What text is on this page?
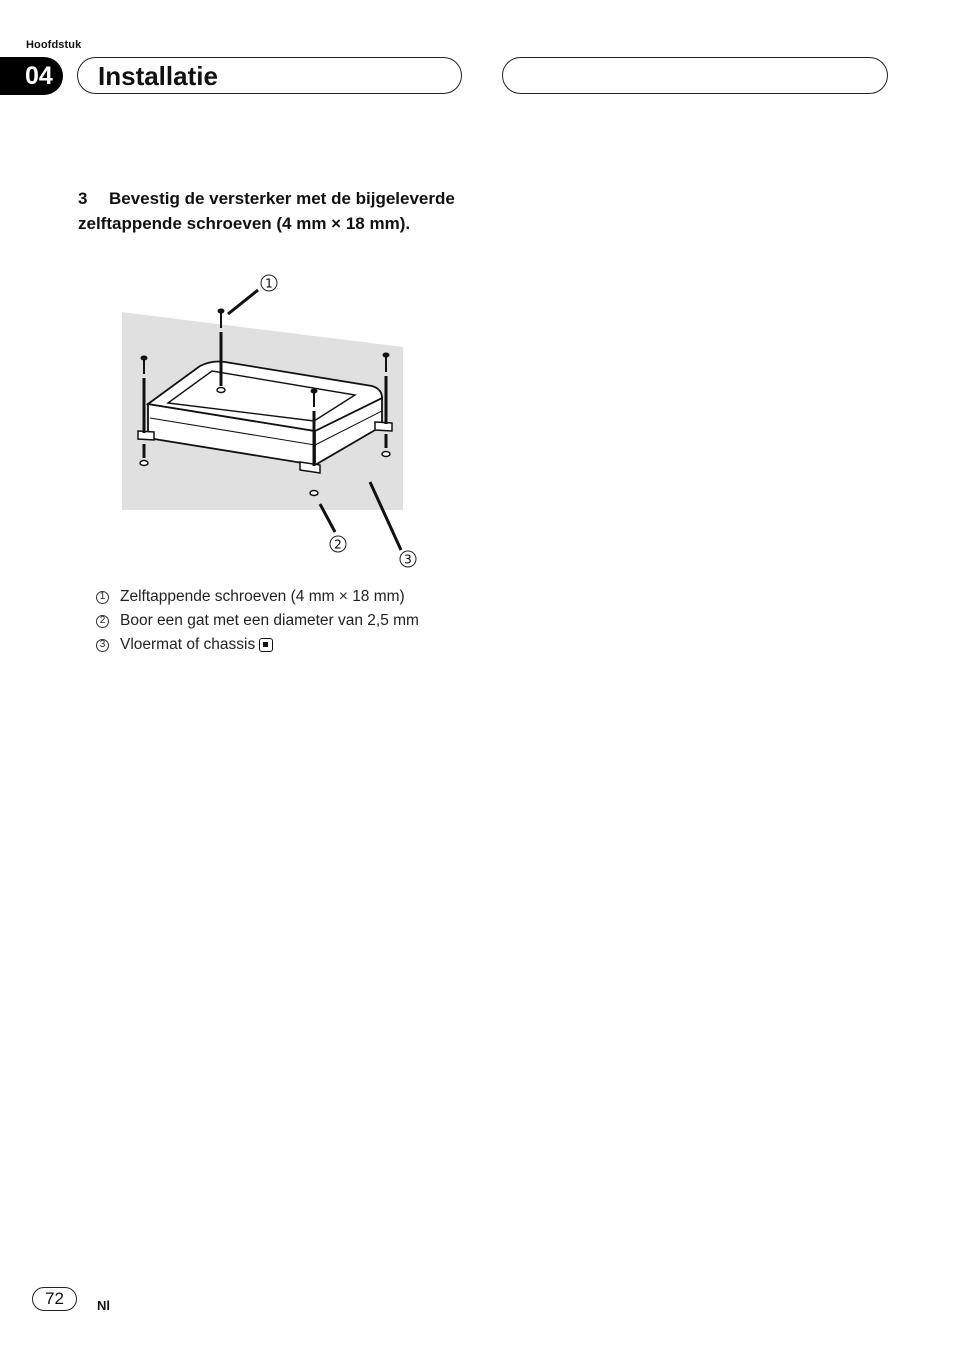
Hoofdstuk
04	Installatie
3 Bevestig de versterker met de bijgeleverde zelftappende schroeven (4 mm × 18 mm).
1
2
3
1 Zelftappende schroeven (4 mm × 18 mm)
2 Boor een gat met een diameter van 2,5 mm
3 Vloermat of chassis
72	Nl
